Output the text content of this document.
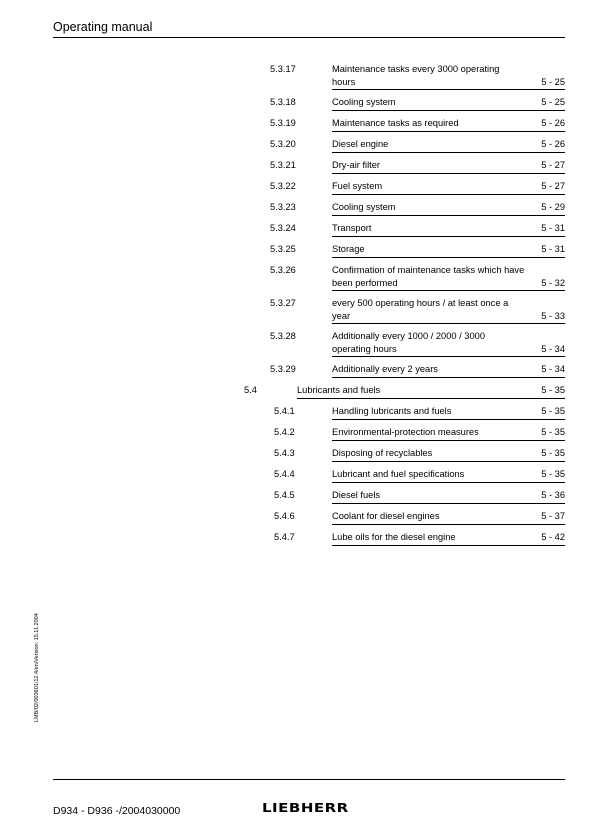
Operating manual
5.3.17	Maintenance tasks every 3000 operating hours	5 - 25
5.3.18	Cooling system	5 - 25
5.3.19	Maintenance tasks as required	5 - 26
5.3.20	Diesel engine	5 - 26
5.3.21	Dry-air filter	5 - 27
5.3.22	Fuel system	5 - 27
5.3.23	Cooling system	5 - 29
5.3.24	Transport	5 - 31
5.3.25	Storage	5 - 31
5.3.26	Confirmation of maintenance tasks which have been performed	5 - 32
5.3.27	every 500 operating hours / at least once a year	5 - 33
5.3.28	Additionally every 1000 / 2000 / 3000 operating hours	5 - 34
5.3.29	Additionally every 2 years	5 - 34
5.4	Lubricants and fuels	5 - 35
5.4.1	Handling lubricants and fuels	5 - 35
5.4.2	Environmental-protection measures	5 - 35
5.4.3	Disposing of recyclables	5 - 35
5.4.4	Lubricant and fuel specifications	5 - 35
5.4.5	Diesel fuels	5 - 36
5.4.6	Coolant for diesel engines	5 - 37
5.4.7	Lube oils for the diesel engine	5 - 42
LMB/02/003601/12.4/en/Version: 15.11.2004
D934 - D936 -/2004030000	LIEBHERR
